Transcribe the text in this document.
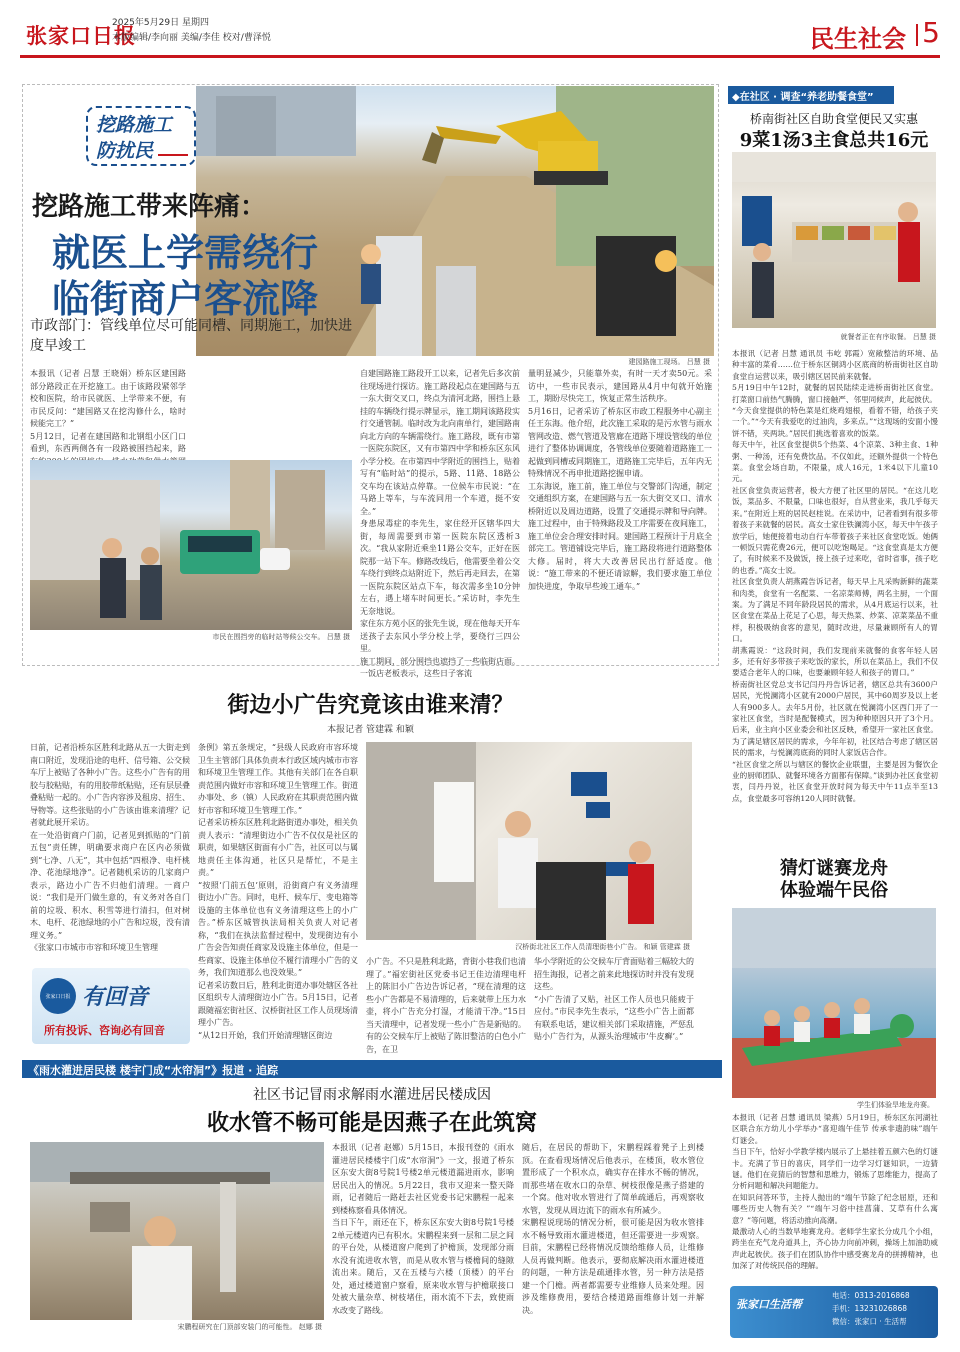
张家口日报
2025年5月29日 星期四
本版编辑/李向丽 美编/李佳 校对/曹泽悦	民生社会 5
建园路施工现场。 吕慧 摄
挖路施工
防扰民
挖路施工带来阵痛：
就医上学需绕行
临街商户客流降
市政部门：管线单位尽可能同槽、同期施工，加快进度早竣工
本报讯（记者 吕慧 王晓娟）桥东区建国路部分路段正在开挖施工。由于该路段紧邻学校和医院，给市民就医、上学带来不便，有市民反问：“建国路又在挖沟修什么，啥时候能完工？”
5月12日，记者在建国路和北钢组小区门口看到，东西两侧各有一段路被围挡起来，路
市民在围挡旁的临时站等候公交车。 吕慧 摄
自建国路施工路段开工以来，记者先后多次前往现场进行探访。施工路段起点在建国路与五一东大街交叉口，终点为清河北路，围挡上悬挂的车辆绕行提示牌显示，施工期间该路段实行交通管制。临时改为北向南单行，建国路南向北方向的车辆需绕行。施工路段，既有市第一医院东院区，又有市第四中学和桥东区东风小学分校。在市第四中学附近的围挡上，贴着写有“临时站”的提示，5路、11路、18路公交车均在该站点停靠。一位候车市民说：“在马路上等车，与车流同用一个车道，挺不安全。”
身患尿毒症的李先生，家住经开区辖华四大街，每周需要到市第一医院东院区透析3次。“我从家附近乘坐11路公交车，正好在医院那一站下车。修路改线后，他需要坐着公交车绕行到终点站附近下，然后再走回去，在第一医院东院区站点下车，每次需多坐10分钟左右，遇上堵车时间更长。”采访时，李先生无奈地说。
家住东方苑小区的张先生说，现在他每天开车送孩子去东风小学分校上学，要绕行三四公里。
施工期间，部分围挡也遮挡了一些临街店面。一饭店老板表示，这些日子客流
量明显减少，只能靠外卖，有时一天才卖50元。采访中，一些市民表示，建国路从4月中旬就开始施工，期盼尽快完工，恢复正常生活秩序。
5月16日，记者采访了桥东区市政工程服务中心副主任王东海。他介绍，此次施工采取的是污水管与雨水管网改造、燃气管道及管廊在道路下埋设管线的单位进行了整体协调调度，各管线单位要随着道路施工一起做到同槽或同期施工，道路施工完毕后，五年内无特殊情况不再申批道路挖掘申请。
工东海说，施工前，施工单位与交警部门沟通，制定交通组织方案，在建国路与五一东大街交叉口、清水桥附近以及周边道路，设置了交通提示牌和导向牌。施工过程中，由于特殊路段及工序需要在夜间施工，施工单位会合理安排时间。建国路工程预计于月底全部完工。管道铺设完毕后，施工路段将进行道路整体大修。届时，将大大改善居民出行舒适度。他说：“施工带来的不便还请谅解，我们要求施工单位加快进度，争取早些竣工通车。”
街边小广告究竟该由谁来清？
本报记者 管建霖 和颖
日前，记者沿桥东区胜利北路从五一大街走到南口附近，发现沿途的电杆、信号箱、公交候车厅上被贴了各种小广告。这些小广告有的用胶与胶粘贴，有的用胶带纸粘贴，还有层层叠叠粘贴一起的。小广告内容涉及租房、招生、导物等。这些张贴的小广告该由谁来清理？记者就此展开采访。
在一处沿街商户门前，记者见到抓贴的“门前五包”责任牌，明确要求商户在区内必须做到“七净、八无”，其中包括“四根净、电杆桃净、花池绿地净”。记者随机采访的几家商户表示，路边小广告不归他们清理。一商户说：“我们是开门做生意的，有义务对各自门前的垃圾、积水、积雪等进行清扫，但对树木、电杆、花池绿地的小广告和垃圾，没有清理义务。”
《张家口市城市市容和环境卫生管理
条例》第五条规定，“县级人民政府市容环境卫生主管部门具体负责本行政区域内城市市容和环境卫生管理工作。其他有关部门在各自职责范围内做好市容和环境卫生管理工作。街道办事处、乡（镇）人民政府在其职责范围内做好市容和环境卫生管理工作。”
记者采访桥东区胜利北路街道办事处，相关负责人表示：“清理街边小广告不仅仅是社区的职责，如果辖区街面有小广告，社区可以与属地责任主体沟通，社区只是帮忙，不是主责。”
“按照‘门前五包’原则，沿街商户有义务清理街边小广告。同时，电杆、候车厅、变电箱等设施的主体单位也有义务清理这些上的小广告。”桥东区城管执法局相关负责人对记者称，“我们在执法监督过程中，发现街边有小广告会告知责任商家及设施主体单位，但是一些商家、设施主体单位不履行清理小广告的义务，我们知道那么也没效果。”
记者采访数日后，胜利北街道办事处辖区各社区组织专人清理街边小广告。5月15日，记者跟随福宏街社区、汉桥街社区工作人员现场清理小广告。
“从12日开始，我们开始清理辖区街边
汉桥街北社区工作人员清理街巷小广告。 和颖 管建霖 摄
小广告。不只是胜利北路，背街小巷我们也清理了。”福宏街社区党委书记王佳边清理电杆上的陈旧小广告边告诉记者，“现在清理的这些小广告都是不易清理的，后来就带上压力水壶，将小广告充分打湿，才能清干净。”15日当天清理中，记者发现一些小广告是新贴的。有的公交候车厅上被贴了陈旧整洁的白色小广告，在卫
华小学附近的公交候车厅背面贴着三幅较大的招生海报，记者之前来此地探访时并没有发现这些。
“小广告清了又贴，社区工作人员也只能疲于应付。”市民李先生表示，“这些小广告上面都有联系电话，建议相关部门采取措施，严惩乱贴小广告行为，从源头治理城市‘牛皮癣’。”
张家口日报 有回音
所有投诉、咨询必有回音
《雨水灌进居民楼 楼宇门成“水帘洞”》报道 · 追踪
社区书记冒雨求解雨水灌进居民楼成因
收水管不畅可能是因燕子在此筑窝
宋鹏程研究在门顶部安装门的可能性。 赵娜 摄
本报讯（记者 赵娜）5月15日，本报刊登的《雨水灌进居民楼楼宇门成“水帘洞”》一文，报道了桥东区东安大街8号院1号楼2单元楼道漏进雨水，影响居民出入的情况。5月22日，我市又迎来一整天降雨，记者随后一路赶去社区党委书记宋鹏程一起来到楼栋察看具体情况。
当日下午，雨还在下，桥东区东安大街8号院1号楼2单元楼道内已有积水。宋鹏程来到一层和二层之间的平台处，从楼道窗户爬到了护檐顶，发现部分雨水没有流进收水管，而是从收水管与楼檐间的缝隙流出来。随后，又在五楼与六楼（顶楼）的平台处，通过楼道窗户察看，原来收水管与护檐联接口处被大量杂草、树枝堵住，雨水流不下去，致使雨水改变了路线。
随后，在居民的帮助下，宋鹏程踩着凳子上到楼顶。在查看现场情况后他表示，在楼顶，收水管位置形成了一个积水点，确实存在排水不畅的情况，而那些堵在收水口的杂草、树枝很像是燕子搭建的一个窝。他对收水管进行了简单疏通后，再观察收水管，发现从周边流下的雨水有所减少。
宋鹏程说现场的情况分析，很可能是因为收水管排水不畅导致雨水灌进楼道，但还需要进一步观察。目前，宋鹏程已经将情况反馈给维修人员，让维修人员再做判断。他表示，要彻底解决雨水灌进楼道的问题，一种方法是疏通排水管，另一种方法是搭建一个门檐。两者都需要专业维修人员来处理。因涉及维修费用，要结合楼道路面维修计划一并解决。
◆在社区 · 调查“养老助餐食堂”
桥南街社区自助食堂便民又实惠
9菜1汤3主食总共16元
就餐者正在有序取餐。 吕慧 摄
本报讯（记者 吕慧 通讯员 韦屹 郭霞）宽敞整洁的环境、品种丰富的菜肴……位于桥东区铜鸿小区底商的桥南街社区自助食堂自运营以来，吸引辖区居民前来就餐。
5月19日中午12时，就餐的居民陆续走进桥南街社区食堂。打菜窗口前热气腾腾，窗口接触严、邻里同候声，此起彼伏。
“今天食堂提供的特色菜是红烧鸡翅根，看着不错，给孩子夹一个。”“今天有我爱吃的过油肉，多来点。”“这现场的安面小馒饼不错，夹两块。”居民们挑选着喜欢的饭菜。
每天中午，社区食堂提供5个热菜、4个凉菜、3种主食、1种粥、一种汤，还有免费饮品。不仅如此，还额外提供一个特色菜。食堂会场自助，不限量，成人16元，1米4以下儿童10元。
社区食堂负责运营者，极大方便了社区里的居民。“在这儿吃饭，菜品多、不限量，口味也很好，自从营业来，我几乎每天来。”在附近上班的居民赵桂说。在采访中，记者看到有很多带着孩子来就餐的居民。高女士家住铁澜湾小区，每天中午孩子放学后，她便接着电动自行车带着孩子来社区食堂吃饭。她俩一顿饭只需花费26元，便可以吃饱喝足。“这食堂真是太方便了，有时候来不及做饭，接上孩子过来吃，省时省事，孩子吃的也香。”高女士说。
社区食堂负责人胡燕霞告诉记者，每天早上凡采购新鲜的蔬菜和肉类，食堂有一名配菜、一名凉菜师傅，两名主厨，一个面案。为了满足不同年龄段居民的需求，从4月底运行以来，社区食堂在菜品上花足了心思，每天热菜、炒菜、凉菜菜品不重样，积极吸纳食客的意见，随时改进，尽量兼顾所有人的胃口。
胡燕霞说：“这段时间，我们发现前来就餐的食客年轻人居多，还有好多带孩子来吃饭的家长，所以在菜品上，我们不仅要适合老年人的口味，也要兼顾年轻人和孩子的胃口。”
桥南街社区党总支书记闫丹丹告诉记者，辖区总共有3600户居民，光悦澜湾小区就有2000户居民，其中60周岁及以上老人有900多人。去年5月份，社区就在悦澜湾小区西门开了一家社区食堂，当时是配餐模式，因为种种原因只开了3个月。后来，业主向小区业委会和社区反映，希望开一家社区食堂。为了满足辖区居民的需求，今年年初，社区结合考虑了辖区居民的需求，与悦澜湾底商的同时人家饭店合作。
“社区食堂之所以与辖区的餐饮企业联盟，主要是因为餐饮企业的厨师团队、就餐环境各方面都有保障。”谈到办社区食堂初衷，闫丹丹说，社区食堂开放时间为每天中午11点半至13点，食堂最多可容纳120人同时就餐。
猜灯谜赛龙舟
体验端午民俗
学生们体验旱地龙舟赛。
本报讯（记者 吕慧 通讯员 梁燕）5月19日，桥东区东河湖社区联合东方幼儿小学举办“喜迎端午佳节 传承非遗韵味”端午灯谜会。
当日下午，恰好小学教学楼内展示了上悬挂着五颜六色的灯谜卡。充满了节日的喜庆，同学们一边学习灯谜知识，一边猜谜。他们在竞猜后的智慧和思维力，锻炼了思维能力，提高了分析问题和解决问题能力。
在知识问答环节，主持人抛出的“端午节除了纪念屈原，还和哪些历史人物有关？”“端午习俗中挂菖蒲、艾草有什么寓意？”等问题，将活动推向高潮。
最激动人心的当数旱地赛龙舟。老师学生家长分成几个小组，跨坐在充气龙舟道具上，齐心协力向前冲刺，操场上加油助威声此起彼伏。孩子们在团队协作中感受赛龙舟的拼搏精神，也加深了对传统民俗的理解。
张家口生活帮
电话：0313-2016868
手机：13231026868
微信：张家口 · 生活帮
